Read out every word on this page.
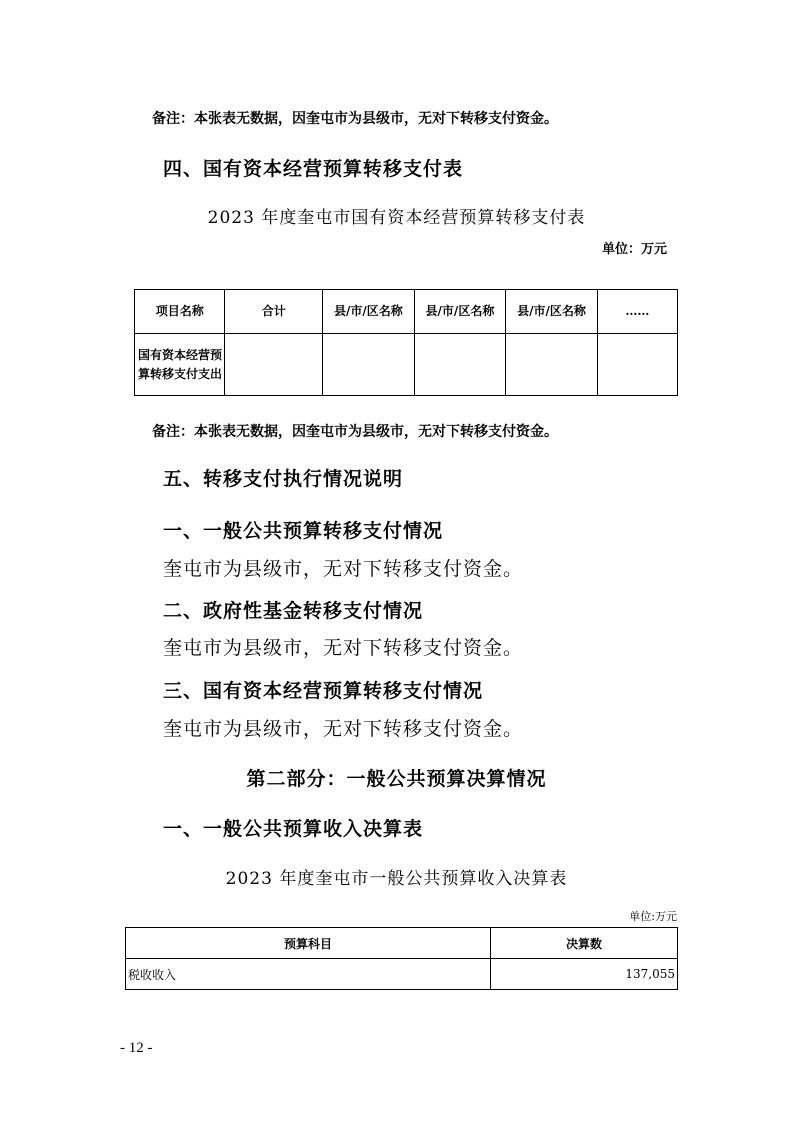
备注：本张表无数据，因奎屯市为县级市，无对下转移支付资金。
四、国有资本经营预算转移支付表
2023 年度奎屯市国有资本经营预算转移支付表
单位：万元
项目名称	合计	县/市/区名称	县/市/区名称	县/市/区名称	……
国有资本经营预算转移支付支出					
备注：本张表无数据，因奎屯市为县级市，无对下转移支付资金。
五、转移支付执行情况说明
一、一般公共预算转移支付情况
奎屯市为县级市，无对下转移支付资金。
二、政府性基金转移支付情况
奎屯市为县级市，无对下转移支付资金。
三、国有资本经营预算转移支付情况
奎屯市为县级市，无对下转移支付资金。
第二部分：一般公共预算决算情况
一、一般公共预算收入决算表
2023 年度奎屯市一般公共预算收入决算表
单位:万元
预算科目	决算数
税收收入	137,055
- 12 -
